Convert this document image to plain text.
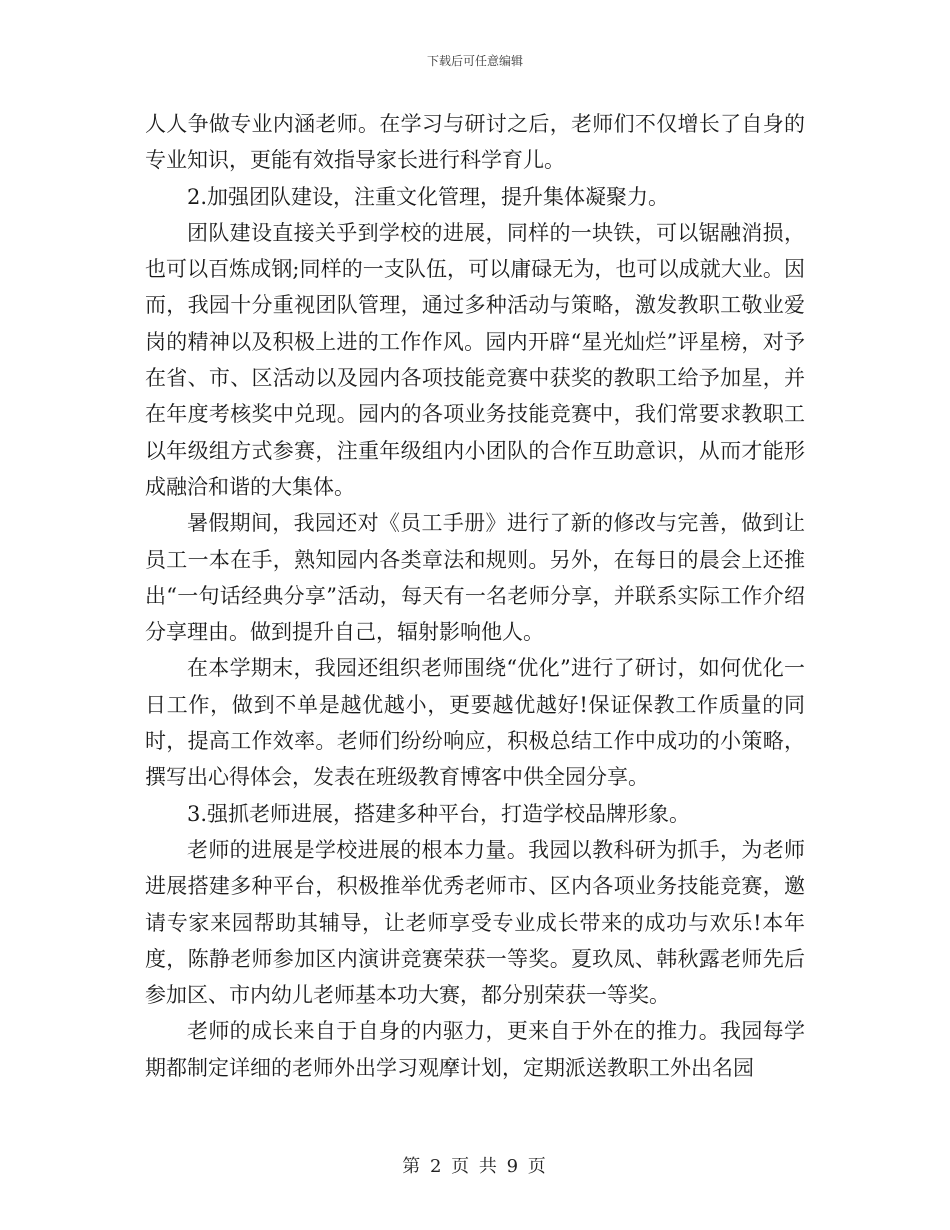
下载后可任意编辑

人人争做专业内涵老师。在学习与研讨之后，老师们不仅增长了自身的专业知识，更能有效指导家长进行科学育儿。

2.加强团队建设，注重文化管理，提升集体凝聚力。

团队建设直接关乎到学校的进展，同样的一块铁，可以锯融消损，也可以百炼成钢;同样的一支队伍，可以庸碌无为，也可以成就大业。因而，我园十分重视团队管理，通过多种活动与策略，激发教职工敬业爱岗的精神以及积极上进的工作作风。园内开辟“星光灿烂”评星榜，对予在省、市、区活动以及园内各项技能竞赛中获奖的教职工给予加星，并在年度考核奖中兑现。园内的各项业务技能竞赛中，我们常要求教职工以年级组方式参赛，注重年级组内小团队的合作互助意识，从而才能形成融洽和谐的大集体。

暑假期间，我园还对《员工手册》进行了新的修改与完善，做到让员工一本在手，熟知园内各类章法和规则。另外，在每日的晨会上还推出“一句话经典分享”活动，每天有一名老师分享，并联系实际工作介绍分享理由。做到提升自己，辐射影响他人。

在本学期末，我园还组织老师围绕“优化”进行了研讨，如何优化一日工作，做到不单是越优越小，更要越优越好!保证保教工作质量的同时，提高工作效率。老师们纷纷响应，积极总结工作中成功的小策略，撰写出心得体会，发表在班级教育博客中供全园分享。

3.强抓老师进展，搭建多种平台，打造学校品牌形象。

老师的进展是学校进展的根本力量。我园以教科研为抓手，为老师进展搭建多种平台，积极推举优秀老师市、区内各项业务技能竞赛，邀请专家来园帮助其辅导，让老师享受专业成长带来的成功与欢乐!本年度，陈静老师参加区内演讲竞赛荣获一等奖。夏玖凤、韩秋露老师先后参加区、市内幼儿老师基本功大赛，都分别荣获一等奖。

老师的成长来自于自身的内驱力，更来自于外在的推力。我园每学期都制定详细的老师外出学习观摩计划，定期派送教职工外出名园

第 2 页 共 9 页
